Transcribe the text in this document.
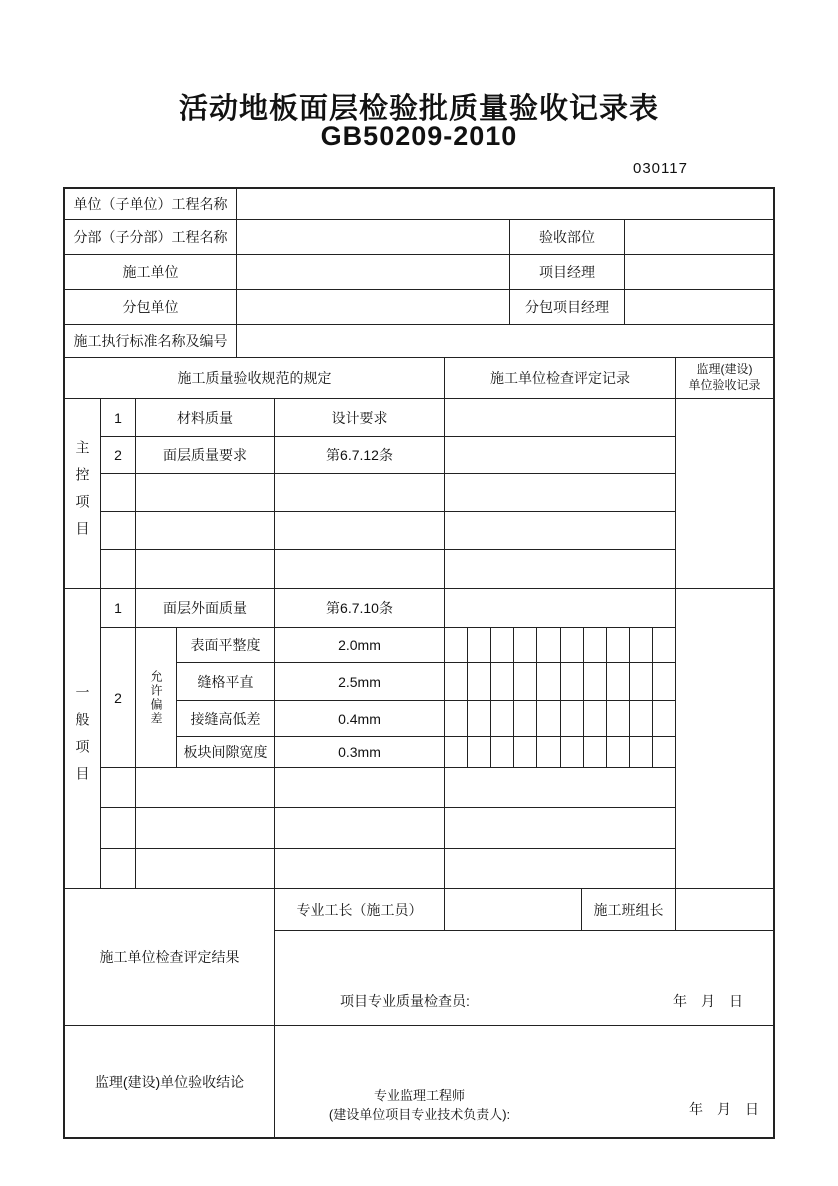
活动地板面层检验批质量验收记录表
GB50209-2010
030117
单位（子单位）工程名称
分部（子分部）工程名称	验收部位
施工单位	项目经理
分包单位	分包项目经理
施工执行标准名称及编号
施工质量验收规范的规定	施工单位检查评定记录
监理(建设)
单位验收记录
主控项目
1	材料质量	设计要求
2	面层质量要求	第6.7.12条
一般项目
1	面层外面质量	第6.7.10条
2	允许偏差
表面平整度	2.0mm
缝格平直	2.5mm
接缝高低差	0.4mm
板块间隙宽度	0.3mm
施工单位检查评定结果
专业工长（施工员）	施工班组长
项目专业质量检查员:	年　月　日
监理(建设)单位验收结论
专业监理工程师
(建设单位项目专业技术负责人):	年　月　日
